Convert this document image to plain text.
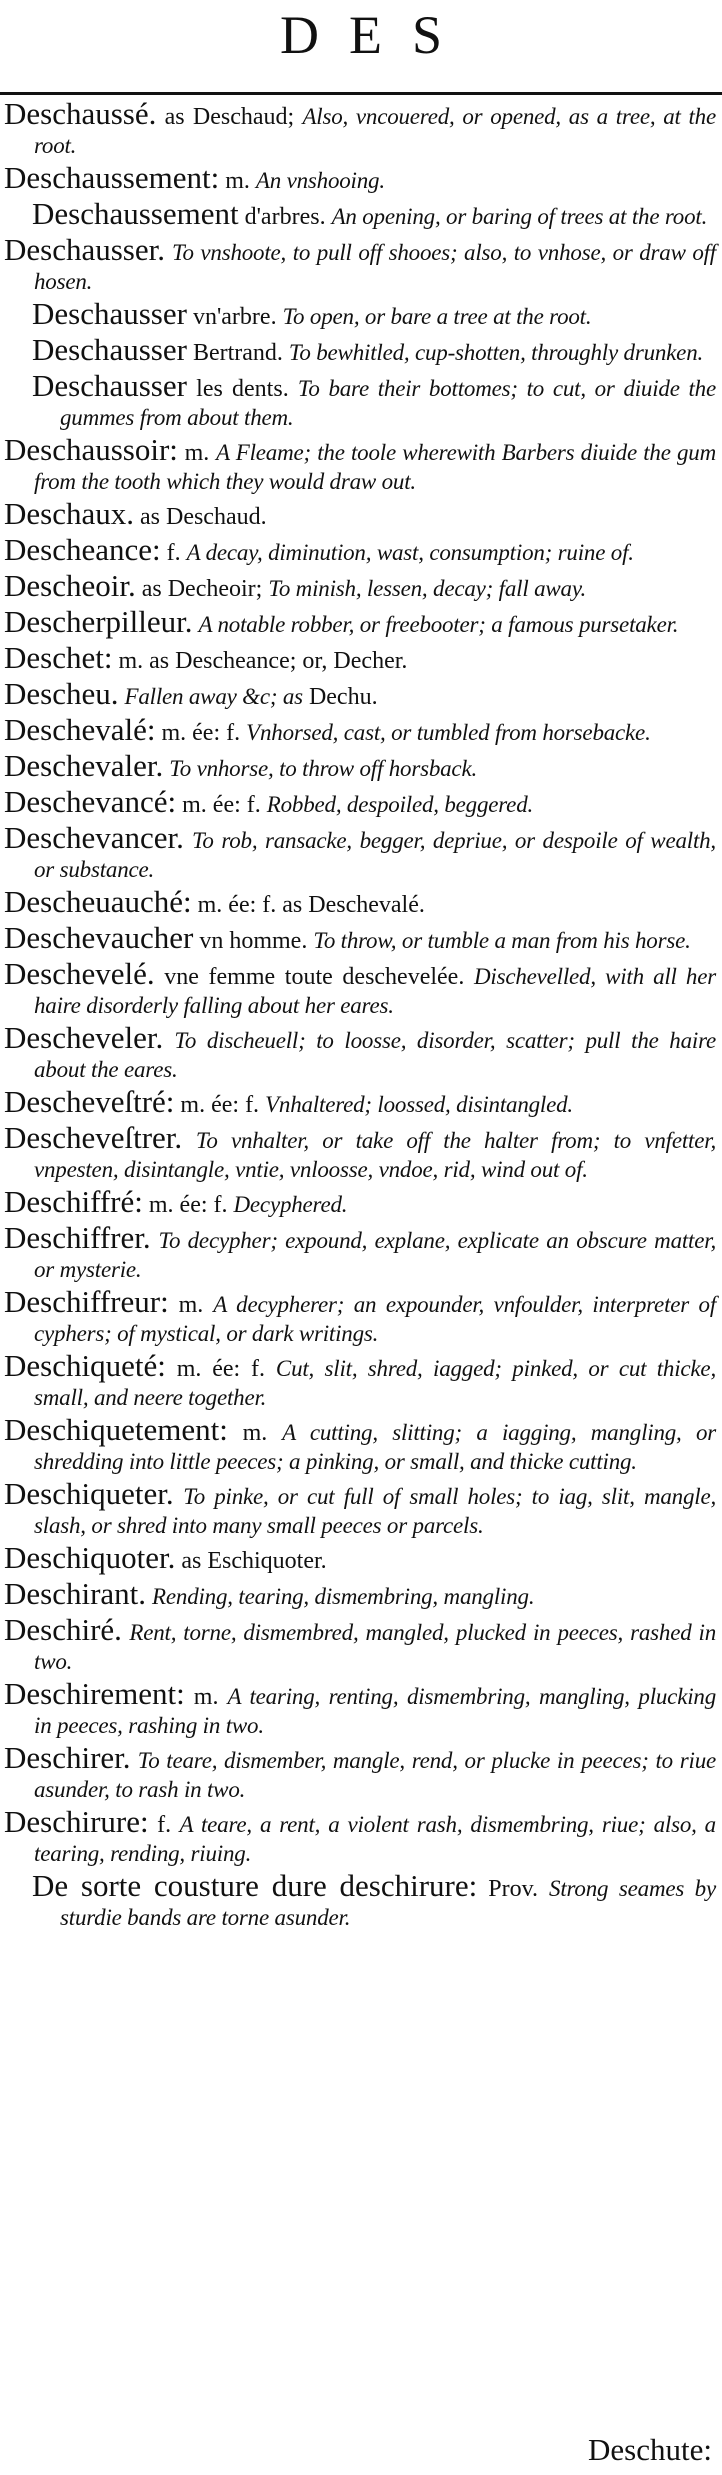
DES
Deschaussé. as Deschaud; Also, vncouered, or opened, as a tree, at the root.
Deschaussement: m. An vnshooing.
Deschaussement d'arbres. An opening, or baring of trees at the root.
Deschausser. To vnshoote, to pull off shooes; also, to vnhose, or draw off hosen.
Deschausser vn'arbre. To open, or bare a tree at the root.
Deschausser Bertrand. To bewhitled, cup-shotten, throughly drunken.
Deschausser les dents. To bare their bottomes; to cut, or diuide the gummes from about them.
Deschaussoir: m. A Fleame; the toole wherewith Barbers diuide the gum from the tooth which they would draw out.
Deschaux. as Deschaud.
Descheance: f. A decay, diminution, wast, consumption; ruine of.
Descheoir. as Decheoir; To minish, lessen, decay; fall away.
Descherpilleur. A notable robber, or freebooter; a famous pursetaker.
Deschet: m. as Descheance; or, Decher.
Descheu. Fallen away &c; as Dechu.
Deschevalé: m. ée: f. Vnhorsed, cast, or tumbled from horsebacke.
Deschevaler. To vnhorse, to throw off horsback.
Deschevancé: m. ée: f. Robbed, despoiled, beggered.
Deschevancer. To rob, ransacke, begger, depriue, or despoile of wealth, or substance.
Descheuauché: m. ée: f. as Deschevalé.
Deschevaucher vn homme. To throw, or tumble a man from his horse.
Deschevelé. vne femme toute deschevelée. Dischevelled, with all her haire disorderly falling about her eares.
Descheveler. To discheuell; to loosse, disorder, scatter; pull the haire about the eares.
Descheveſtré: m. ée: f. Vnhaltered; loossed, disintangled.
Descheveſtrer. To vnhalter, or take off the halter from; to vnfetter, vnpesten, disintangle, vntie, vnloosse, vndoe, rid, wind out of.
Deschiffré: m. ée: f. Decyphered.
Deschiffrer. To decypher; expound, explane, explicate an obscure matter, or mysterie.
Deschiffreur: m. A decypherer; an expounder, vnfoulder, interpreter of cyphers; of mystical, or dark writings.
Deschiqueté: m. ée: f. Cut, slit, shred, iagged; pinked, or cut thicke, small, and neere together.
Deschiquetement: m. A cutting, slitting; a iagging, mangling, or shredding into little peeces; a pinking, or small, and thicke cutting.
Deschiqueter. To pinke, or cut full of small holes; to iag, slit, mangle, slash, or shred into many small peeces or parcels.
Deschiquoter. as Eschiquoter.
Deschirant. Rending, tearing, dismembring, mangling.
Deschiré. Rent, torne, dismembred, mangled, plucked in peeces, rashed in two.
Deschirement: m. A tearing, renting, dismembring, mangling, plucking in peeces, rashing in two.
Deschirer. To teare, dismember, mangle, rend, or plucke in peeces; to riue asunder, to rash in two.
Deschirure: f. A teare, a rent, a violent rash, dismembring, riue; also, a tearing, rending, riuing.
De sorte cousture dure deschirure: Prov. Strong seames by sturdie bands are torne asunder.
Deschute:
